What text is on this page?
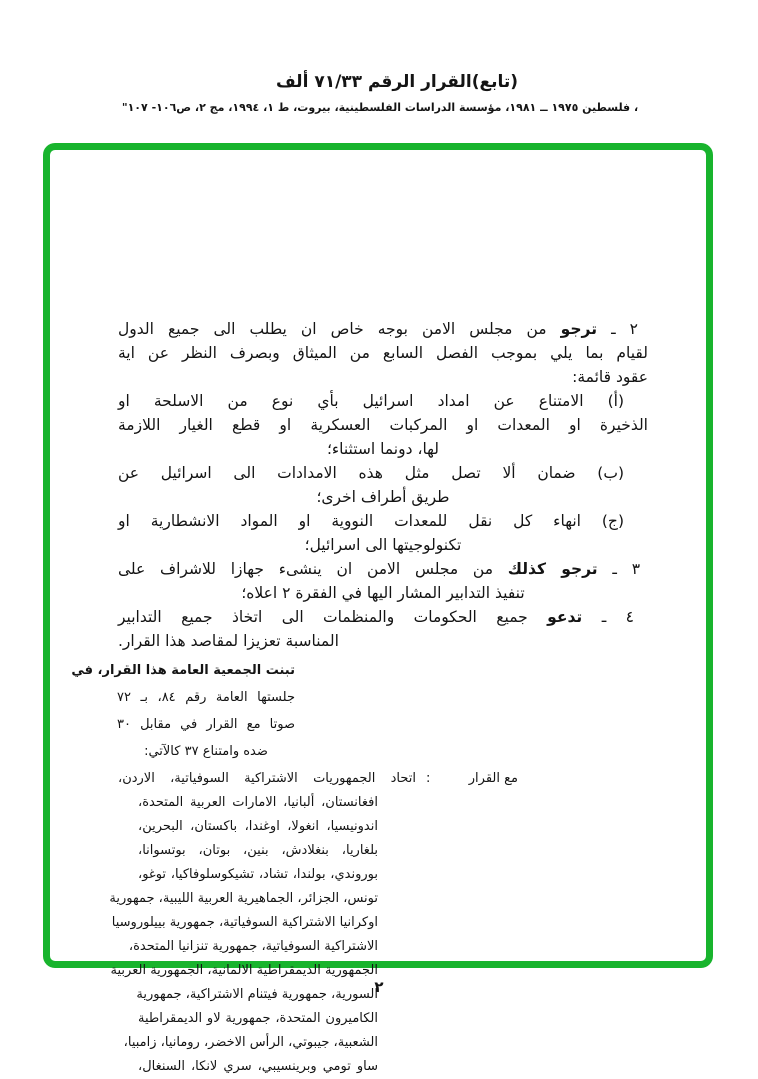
(تابع)القرار الرقم ٧١/٣٣ ألف
، فلسطين ١٩٧٥ ــ ١٩٨١، مؤسسة الدراسات الفلسطينية، بيروت، ط ١، ١٩٩٤، مج ٢، ص١٠٦- ١٠٧"
٢ ـ ترجو من مجلس الامن بوجه خاص ان يطلب الى جميع الدول
لقيام بما يلي بموجب الفصل السابع من الميثاق وبصرف النظر عن اية
عقود قائمة:
(أ) الامتناع عن امداد اسرائيل بأي نوع من الاسلحة او
الذخيرة او المعدات او المركبات العسكرية او قطع الغيار اللازمة
لها، دونما استثناء؛
(ب) ضمان ألا تصل مثل هذه الامدادات الى اسرائيل عن
طريق أطراف اخرى؛
(ج) انهاء كل نقل للمعدات النووية او المواد الانشطارية او
تكنولوجيتها الى اسرائيل؛
٣ ـ ترجو كذلك من مجلس الامن ان ينشىء جهازا للاشراف على
تنفيذ التدابير المشار اليها في الفقرة ٢ اعلاه؛
٤ ـ تدعو جميع الحكومات والمنظمات الى اتخاذ جميع التدابير
المناسبة تعزيزا لمقاصد هذا القرار.
تبنت الجمعية العامة هذا القرار، في
جلستها العامة رقم ٨٤، بـ ٧٢
صوتا مع القرار في مقابل ٣٠
ضده وامتناع ٣٧ كالآتي:
مع القرار
:
اتحاد الجمهوريات الاشتراكية السوفياتية، الاردن،
افغانستان، ألبانيا، الامارات العربية المتحدة،
اندونيسيا، انغولا، اوغندا، باكستان، البحرين،
بلغاريا، بنغلادش، بنين، بوتان، بوتسوانا،
بوروندي، بولندا، تشاد، تشيكوسلوفاكيا، توغو،
تونس، الجزائر، الجماهيرية العربية الليبية، جمهورية
اوكرانيا الاشتراكية السوفياتية، جمهورية بييلوروسيا
الاشتراكية السوفياتية، جمهورية تنزانيا المتحدة،
الجمهورية الديمقراطية الالمانية، الجمهورية العربية
السورية، جمهورية فيتنام الاشتراكية، جمهورية
الكاميرون المتحدة، جمهورية لاو الديمقراطية
الشعبية، جيبوتي، الرأس الاخضر، رومانيا، زامبيا،
ساو تومي وبرينسيبي، سري لانكا، السنغال،
٢
